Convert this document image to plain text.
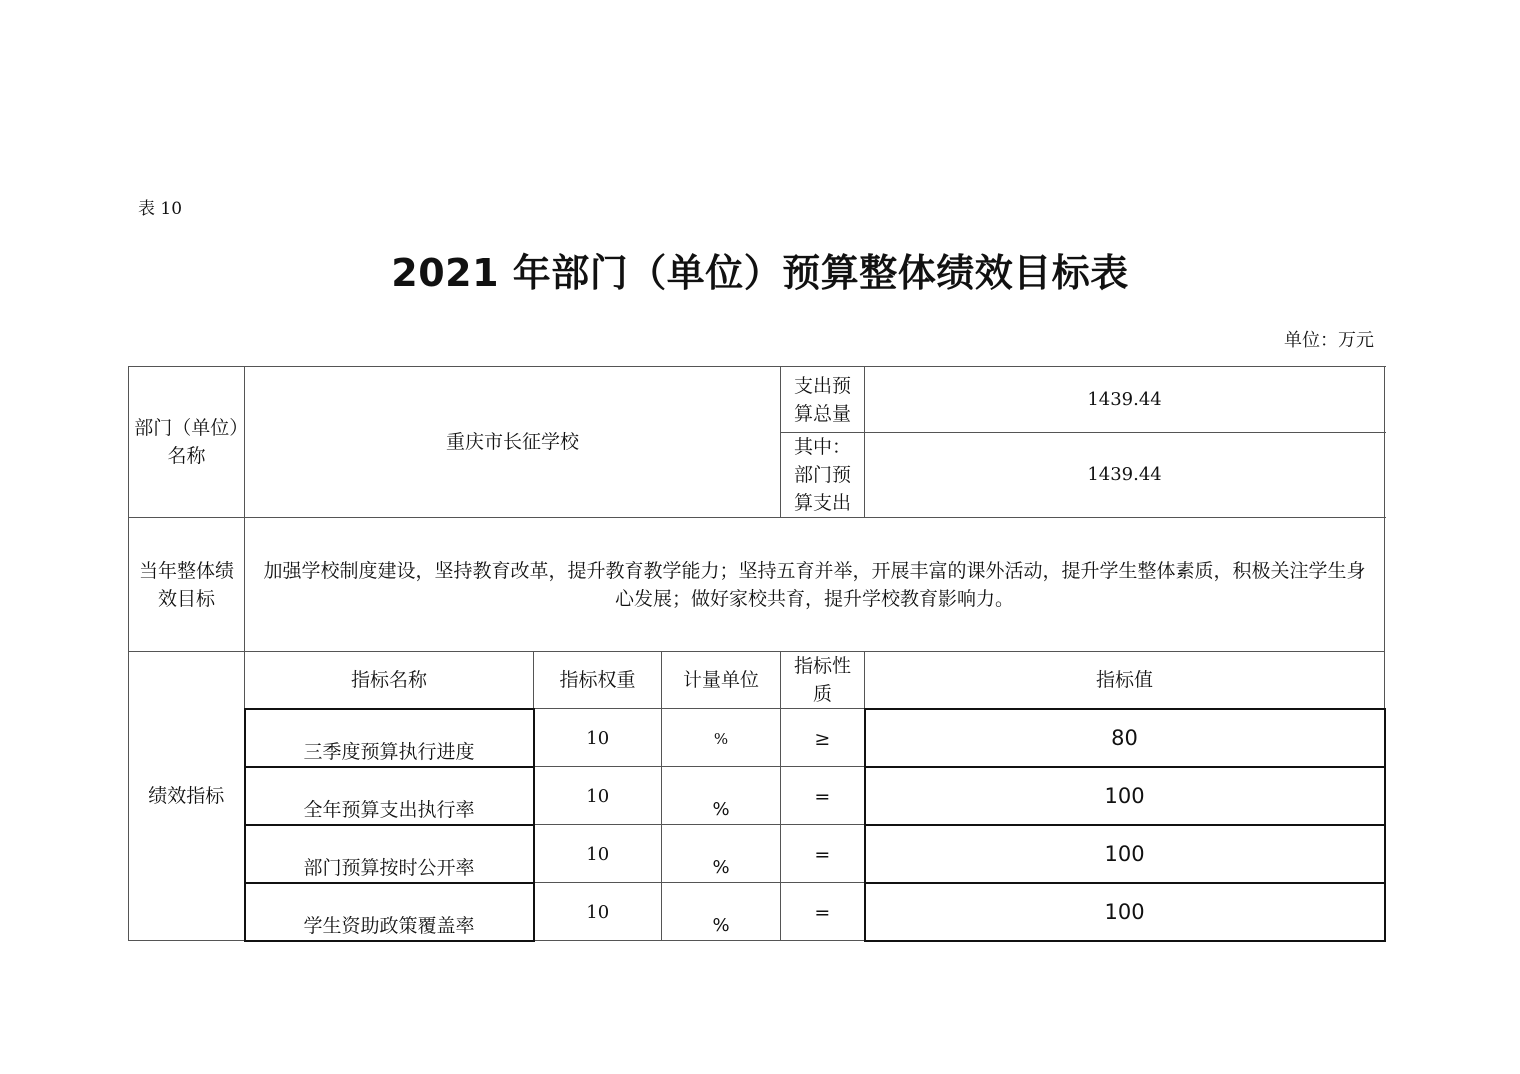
表 10
2021 年部门（单位）预算整体绩效目标表
单位：万元
部门（单位）名称	重庆市长征学校			支出预算总量	1439.44
				其中：部门预算支出	1439.44
当年整体绩效目标	加强学校制度建设，坚持教育改革，提升教育教学能力；坚持五育并举，开展丰富的课外活动，提升学生整体素质，积极关注学生身心发展；做好家校共育，提升学校教育影响力。				
绩效指标	指标名称	指标权重	计量单位	指标性质	指标值
	三季度预算执行进度	10	%	≥	80
	全年预算支出执行率	10	%	=	100
	部门预算按时公开率	10	%	=	100
	学生资助政策覆盖率	10	%	=	100
